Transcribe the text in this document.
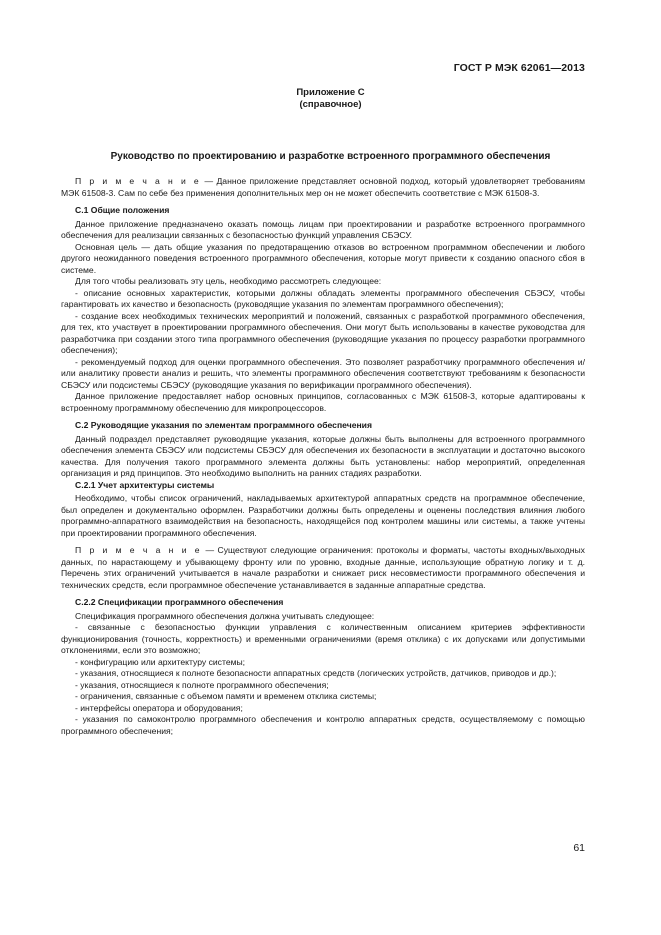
ГОСТ Р МЭК 62061—2013
Приложение С
(справочное)
Руководство по проектированию и разработке встроенного программного обеспечения

П р и м е ч а н и е — Данное приложение представляет основной подход, который удовлетворяет требованиям МЭК 61508-3. Сам по себе без применения дополнительных мер он не может обеспечить соответствие с МЭК 61508-3.

С.1 Общие положения

Данное приложение предназначено оказать помощь лицам при проектировании и разработке встроенного программного обеспечения для реализации связанных с безопасностью функций управления СБЭСУ.

Основная цель — дать общие указания по предотвращению отказов во встроенном программном обеспечении и любого другого неожиданного поведения встроенного программного обеспечения, которые могут привести к созданию опасного сбоя в системе.

Для того чтобы реализовать эту цель, необходимо рассмотреть следующее:

- описание основных характеристик, которыми должны обладать элементы программного обеспечения СБЭСУ, чтобы гарантировать их качество и безопасность (руководящие указания по элементам программного обеспечения);

- создание всех необходимых технических мероприятий и положений, связанных с разработкой программного обеспечения, для тех, кто участвует в проектировании программного обеспечения. Они могут быть использованы в качестве руководства для разработчика при создании этого типа программного обеспечения (руководящие указания по процессу разработки программного обеспечения);

- рекомендуемый подход для оценки программного обеспечения. Это позволяет разработчику программного обеспечения и/или аналитику провести анализ и решить, что элементы программного обеспечения соответствуют требованиям к безопасности СБЭСУ или подсистемы СБЭСУ (руководящие указания по верификации программного обеспечения).

Данное приложение предоставляет набор основных принципов, согласованных с МЭК 61508-3, которые адаптированы к встроенному программному обеспечению для микропроцессоров.

С.2 Руководящие указания по элементам программного обеспечения

Данный подраздел представляет руководящие указания, которые должны быть выполнены для встроенного программного обеспечения элемента СБЭСУ или подсистемы СБЭСУ для обеспечения их безопасности в эксплуатации и достаточно высокого качества. Для получения такого программного элемента должны быть установлены: набор мероприятий, определенная организация и ряд принципов. Это необходимо выполнить на ранних стадиях разработки.

С.2.1 Учет архитектуры системы

Необходимо, чтобы список ограничений, накладываемых архитектурой аппаратных средств на программное обеспечение, был определен и документально оформлен. Разработчики должны быть определены и оценены последствия влияния любого программно-аппаратного взаимодействия на безопасность, находящейся под контролем машины или системы, а также учтены при проектировании программного обеспечения.

П р и м е ч а н и е — Существуют следующие ограничения: протоколы и форматы, частоты входных/выходных данных, по нарастающему и убывающему фронту или по уровню, входные данные, использующие обратную логику и т. д. Перечень этих ограничений учитывается в начале разработки и снижает риск несовместимости программного обеспечения и технических средств, если программное обеспечение устанавливается в заданные аппаратные средства.

С.2.2 Спецификации программного обеспечения

Спецификация программного обеспечения должна учитывать следующее:

- связанные с безопасностью функции управления с количественным описанием критериев эффективности функционирования (точность, корректность) и временными ограничениями (время отклика) с их допусками или допустимыми отклонениями, если это возможно;

- конфигурацию или архитектуру системы;

- указания, относящиеся к полноте безопасности аппаратных средств (логических устройств, датчиков, приводов и др.);

- указания, относящиеся к полноте программного обеспечения;

- ограничения, связанные с объемом памяти и временем отклика системы;

- интерфейсы оператора и оборудования;

- указания по самоконтролю программного обеспечения и контролю аппаратных средств, осуществляемому с помощью программного обеспечения;

61
